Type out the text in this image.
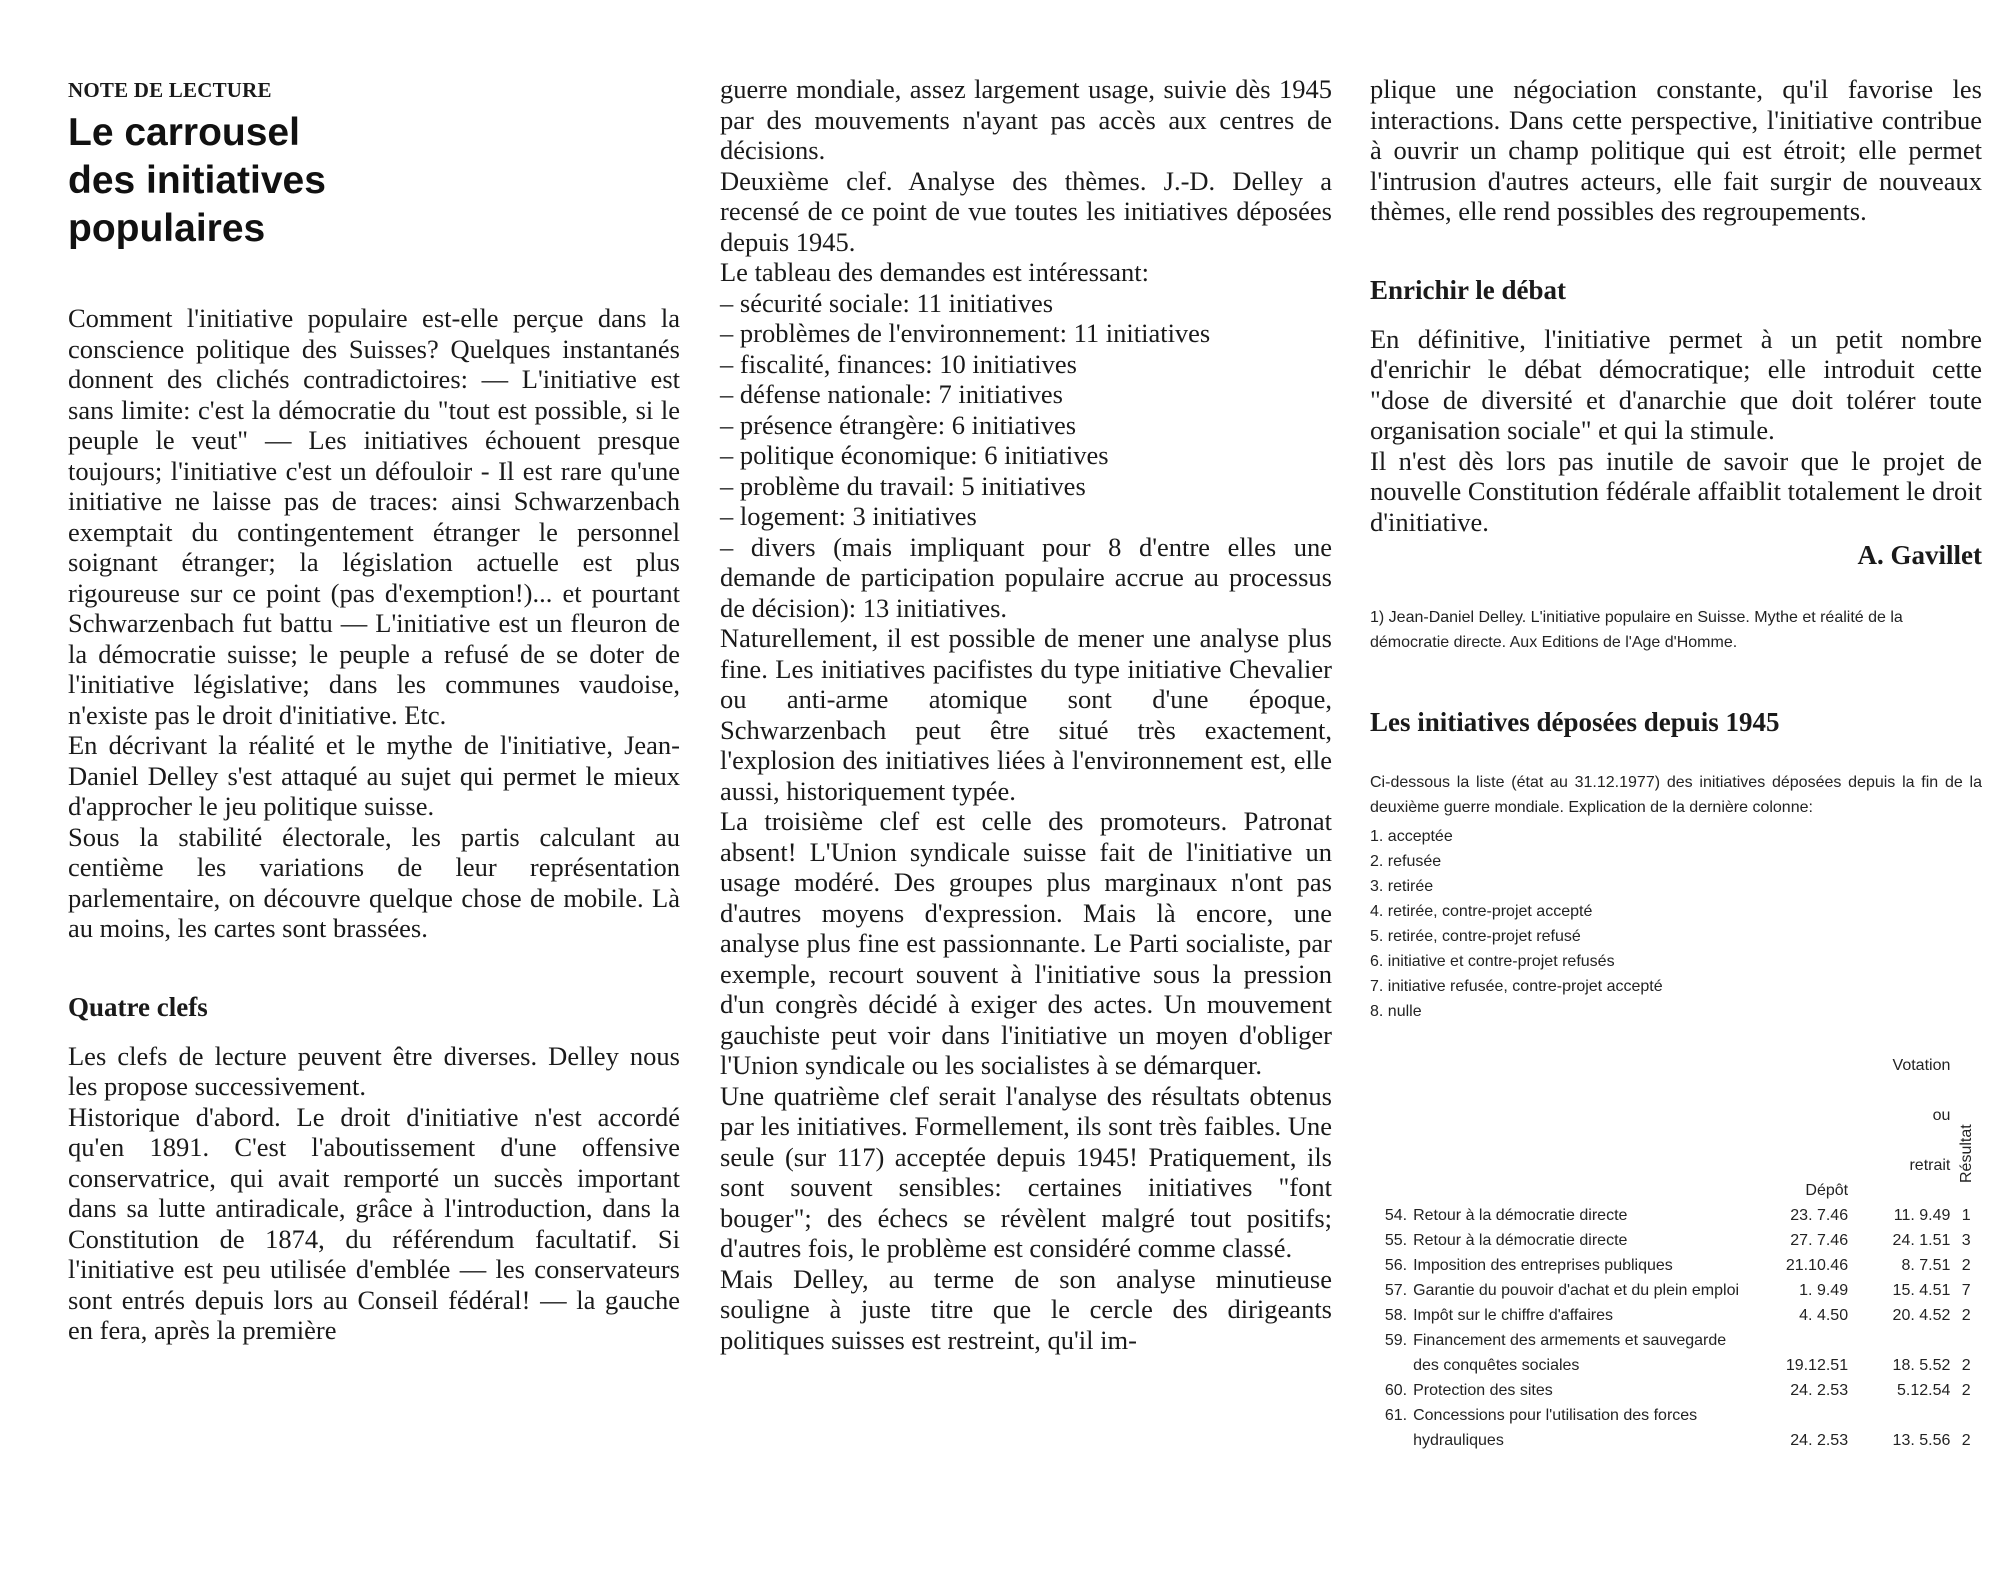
NOTE DE LECTURE
Le carrousel
des initiatives
populaires

Comment l'initiative populaire est-elle perçue dans la conscience politique des Suisses? Quelques instantanés donnent des clichés contradictoires: — L'initiative est sans limite: c'est la démocratie du "tout est possible, si le peuple le veut" — Les initiatives échouent presque toujours; l'initiative c'est un défouloir - Il est rare qu'une initiative ne laisse pas de traces: ainsi Schwarzenbach exemptait du contingentement étranger le personnel soignant étranger; la législation actuelle est plus rigoureuse sur ce point (pas d'exemption!)... et pourtant Schwarzenbach fut battu — L'initiative est un fleuron de la démocratie suisse; le peuple a refusé de se doter de l'initiative législative; dans les communes vaudoise, n'existe pas le droit d'initiative. Etc.

En décrivant la réalité et le mythe de l'initiative, Jean-Daniel Delley s'est attaqué au sujet qui permet le mieux d'approcher le jeu politique suisse.

Sous la stabilité électorale, les partis calculant au centième les variations de leur représentation parlementaire, on découvre quelque chose de mobile. Là au moins, les cartes sont brassées.

Quatre clefs

Les clefs de lecture peuvent être diverses. Delley nous les propose successivement.

Historique d'abord. Le droit d'initiative n'est accordé qu'en 1891. C'est l'aboutissement d'une offensive conservatrice, qui avait remporté un succès important dans sa lutte antiradicale, grâce à l'introduction, dans la Constitution de 1874, du référendum facultatif. Si l'initiative est peu utilisée d'emblée — les conservateurs sont entrés depuis lors au Conseil fédéral! — la gauche en fera, après la première

guerre mondiale, assez largement usage, suivie dès 1945 par des mouvements n'ayant pas accès aux centres de décisions.

Deuxième clef. Analyse des thèmes. J.-D. Delley a recensé de ce point de vue toutes les initiatives déposées depuis 1945.

Le tableau des demandes est intéressant:

– sécurité sociale: 11 initiatives
– problèmes de l'environnement: 11 initiatives
– fiscalité, finances: 10 initiatives
– défense nationale: 7 initiatives
– présence étrangère: 6 initiatives
– politique économique: 6 initiatives
– problème du travail: 5 initiatives
– logement: 3 initiatives
– divers (mais impliquant pour 8 d'entre elles une demande de participation populaire accrue au processus de décision): 13 initiatives.

Naturellement, il est possible de mener une analyse plus fine. Les initiatives pacifistes du type initiative Chevalier ou anti-arme atomique sont d'une époque, Schwarzenbach peut être situé très exactement, l'explosion des initiatives liées à l'environnement est, elle aussi, historiquement typée.

La troisième clef est celle des promoteurs. Patronat absent! L'Union syndicale suisse fait de l'initiative un usage modéré. Des groupes plus marginaux n'ont pas d'autres moyens d'expression. Mais là encore, une analyse plus fine est passionnante. Le Parti socialiste, par exemple, recourt souvent à l'initiative sous la pression d'un congrès décidé à exiger des actes. Un mouvement gauchiste peut voir dans l'initiative un moyen d'obliger l'Union syndicale ou les socialistes à se démarquer.

Une quatrième clef serait l'analyse des résultats obtenus par les initiatives. Formellement, ils sont très faibles. Une seule (sur 117) acceptée depuis 1945! Pratiquement, ils sont souvent sensibles: certaines initiatives "font bouger"; des échecs se révèlent malgré tout positifs; d'autres fois, le problème est considéré comme classé.

Mais Delley, au terme de son analyse minutieuse souligne à juste titre que le cercle des dirigeants politiques suisses est restreint, qu'il im-

plique une négociation constante, qu'il favorise les interactions. Dans cette perspective, l'initiative contribue à ouvrir un champ politique qui est étroit; elle permet l'intrusion d'autres acteurs, elle fait surgir de nouveaux thèmes, elle rend possibles des regroupements.

Enrichir le débat

En définitive, l'initiative permet à un petit nombre d'enrichir le débat démocratique; elle introduit cette "dose de diversité et d'anarchie que doit tolérer toute organisation sociale" et qui la stimule.

Il n'est dès lors pas inutile de savoir que le projet de nouvelle Constitution fédérale affaiblit totalement le droit d'initiative.

A. Gavillet

1) Jean-Daniel Delley. L'initiative populaire en Suisse. Mythe et réalité de la démocratie directe. Aux Editions de l'Age d'Homme.

Les initiatives déposées depuis 1945

Ci-dessous la liste (état au 31.12.1977) des initiatives déposées depuis la fin de la deuxième guerre mondiale. Explication de la dernière colonne:

1. acceptée
2. refusée
3. retirée
4. retirée, contre-projet accepté
5. retirée, contre-projet refusé
6. initiative et contre-projet refusés
7. initiative refusée, contre-projet accepté
8. nulle
		Dépôt	Votation

ou

retrait	Résultat
54.	Retour à la démocratie directe	23. 7.46	11. 9.49	1
55.	Retour à la démocratie directe	27. 7.46	24. 1.51	3
56.	Imposition des entreprises publiques	21.10.46	8. 7.51	2
57.	Garantie du pouvoir d'achat et du plein emploi	1. 9.49	15. 4.51	7
58.	Impôt sur le chiffre d'affaires	4. 4.50	20. 4.52	2
59.	Financement des armements et sauvegarde des conquêtes sociales	19.12.51	18. 5.52	2
60.	Protection des sites	24. 2.53	5.12.54	2
61.	Concessions pour l'utilisation des forces hydrauliques	24. 2.53	13. 5.56	2
